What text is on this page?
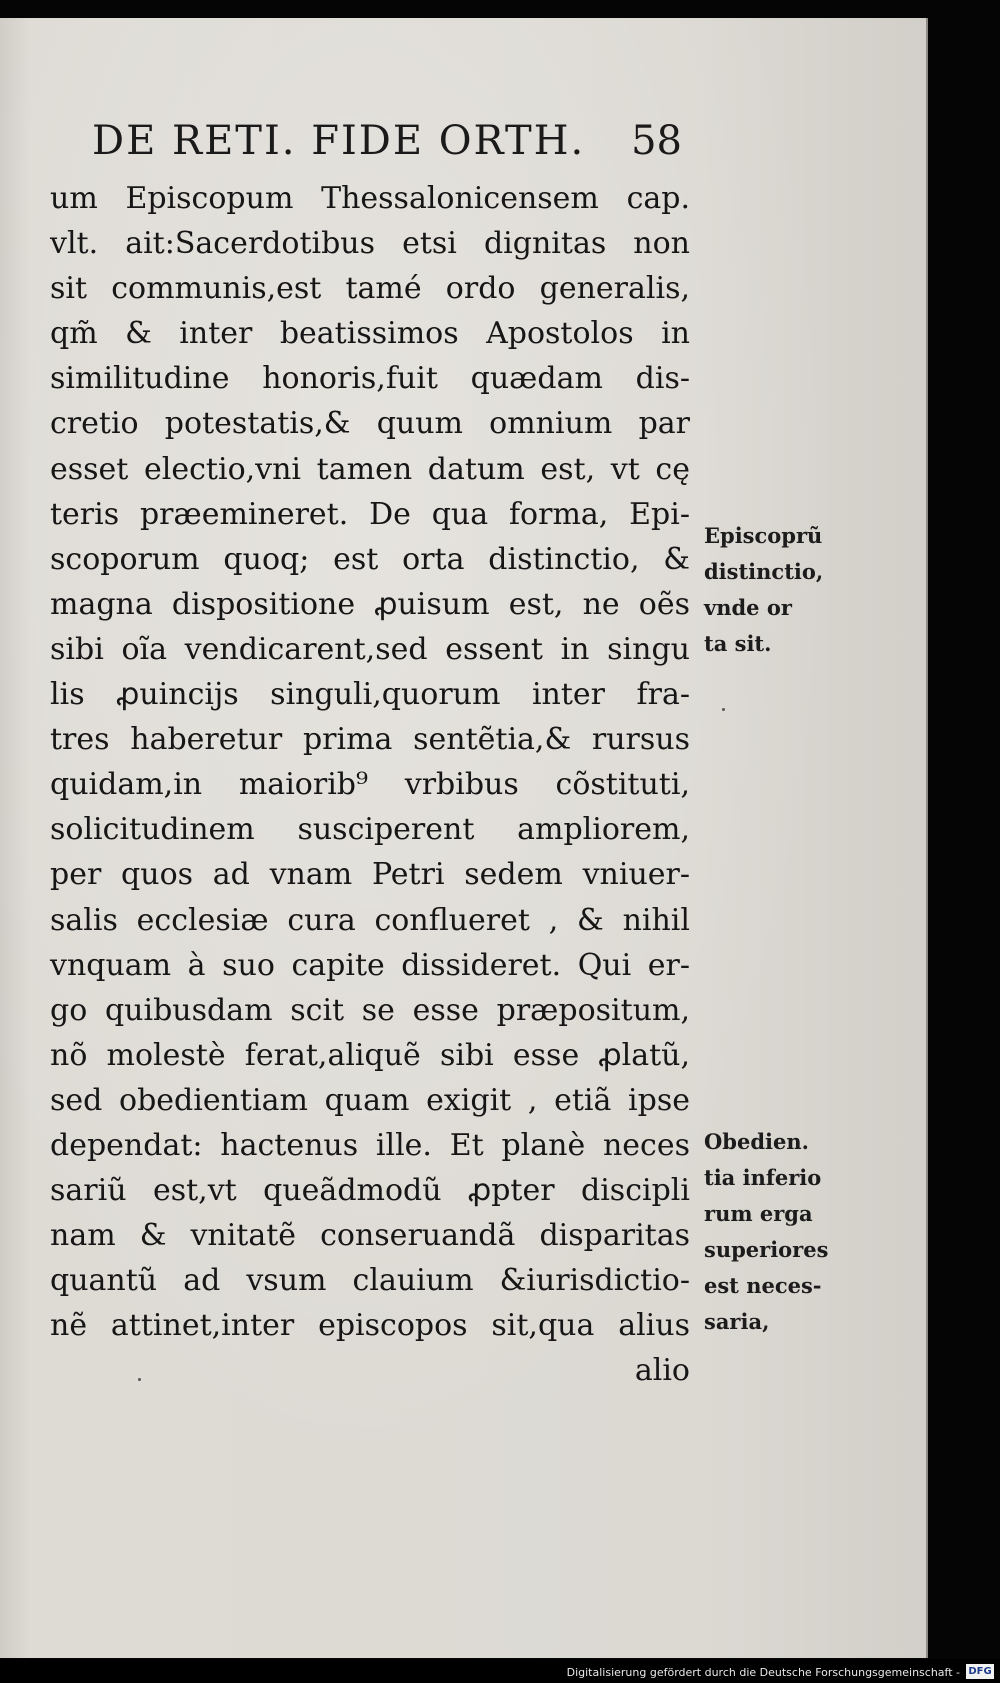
DE RETI. FIDE ORTH. 58
um Episcopum Thessalonicensem cap.
vlt. ait:Sacerdotibus etsi dignitas non
sit communis,est tamé ordo generalis,
qm̃ & inter beatissimos Apostolos in
similitudine honoris,fuit quædam dis-
cretio potestatis,& quum omnium par
esset electio,vni tamen datum est, vt cę
teris præemineret. De qua forma, Epi-
scoporum quoq; est orta distinctio, &
magna dispositione ꝓuisum est, ne oẽs
sibi oĩa vendicarent,sed essent in singu
lis ꝓuincijs singuli,quorum inter fra-
tres haberetur prima sentẽtia,& rursus
quidam,in maiorib⁹ vrbibus cõstituti,
solicitudinem susciperent ampliorem,
per quos ad vnam Petri sedem vniuer-
salis ecclesiæ cura conflueret , & nihil
vnquam à suo capite dissideret. Qui er-
go quibusdam scit se esse præpositum,
nõ molestè ferat,aliquẽ sibi esse ꝓlatũ,
sed obedientiam quam exigit , etiã ipse
dependat: hactenus ille. Et planè neces
sariũ est,vt queãdmodũ ꝓpter discipli
nam & vnitatẽ conseruandã disparitas
quantũ ad vsum clauium &iurisdictio-
nẽ attinet,inter episcopos sit,qua alius
alio
Episcoprũ
distinctio,
vnde or
ta sit.
Obedien.
tia inferio
rum erga
superiores
est neces-
saria,
Digitalisierung gefördert durch die Deutsche Forschungsgemeinschaft - DFG
